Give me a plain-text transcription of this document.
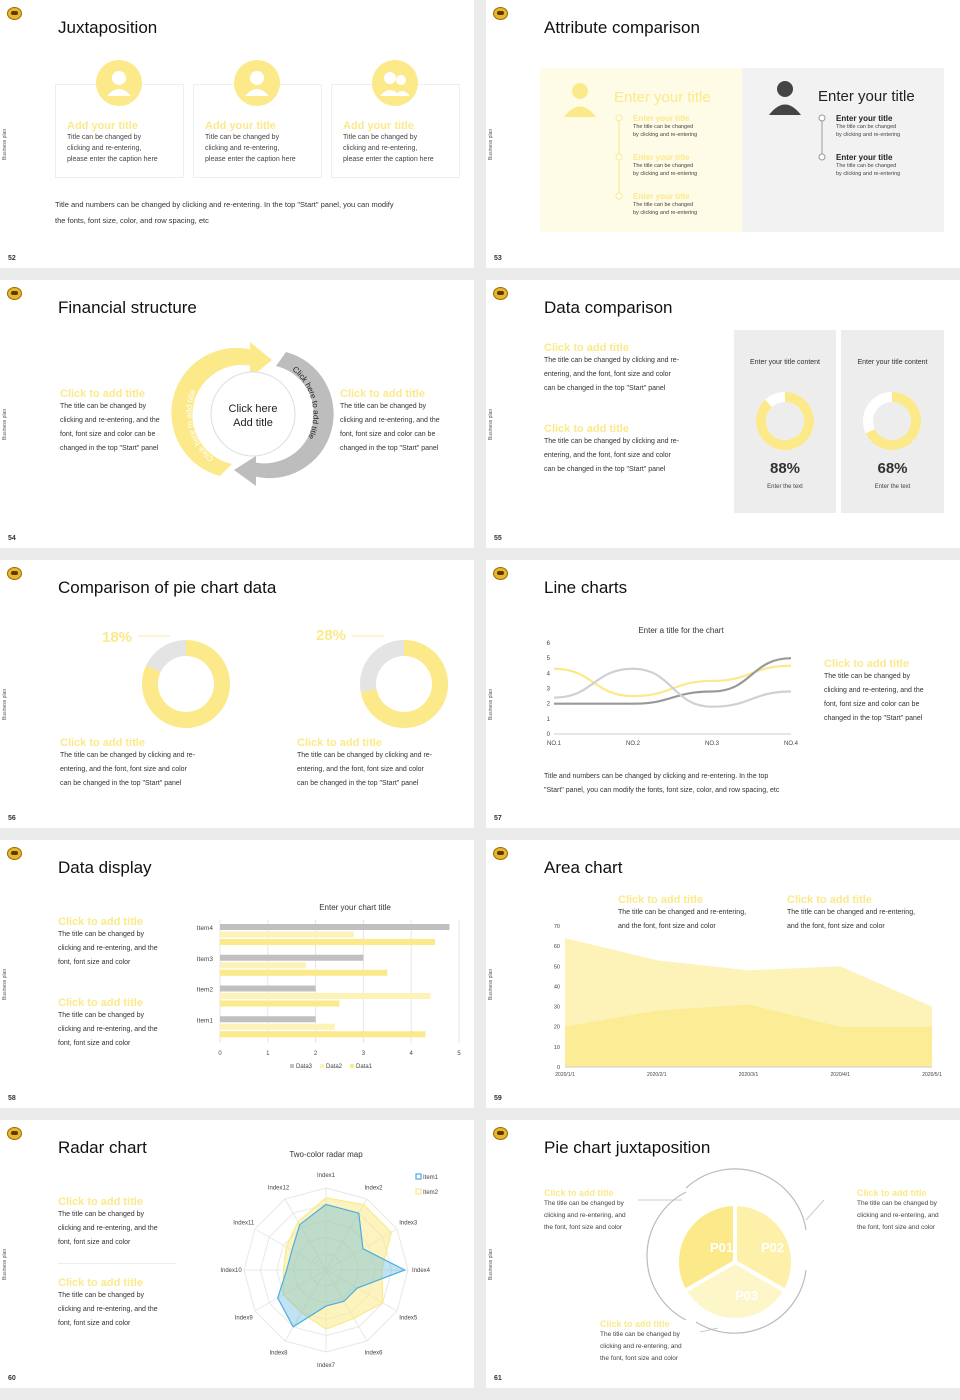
Business plan
Juxtaposition
Add your title
Title can be changed by
clicking and re-entering,
please enter the caption here
Add your title
Title can be changed by
clicking and re-entering,
please enter the caption here
Add your title
Title can be changed by
clicking and re-entering,
please enter the caption here
Title and numbers can be changed by clicking and re-entering. In the top "Start" panel, you can modify
the fonts, font size, color, and row spacing, etc
52
Business plan
Attribute comparison
Enter your title	Enter your title
Enter your title
The title can be changed
by clicking and re-entering
Enter your title
The title can be changed
by clicking and re-entering
Enter your title
The title can be changed
by clicking and re-entering
Enter your title
The title can be changed
by clicking and re-entering
Enter your title
The title can be changed
by clicking and re-entering
53
Business plan
Financial structure
Click here to add title
Click here to add title
Click here
Add title
Click to add title
The title can be changed by
clicking and re-entering, and the
font, font size and color can be
changed in the top "Start" panel
Click to add title
The title can be changed by
clicking and re-entering, and the
font, font size and color can be
changed in the top "Start" panel
54
Business plan
Data comparison
Click to add title
The title can be changed by clicking and re-
entering, and the font, font size and color
can be changed in the top "Start" panel
Click to add title
The title can be changed by clicking and re-
entering, and the font, font size and color
can be changed in the top "Start" panel
Enter your title content
88%
Enter the text
Enter your title content
68%
Enter the text
55
Business plan
Comparison of pie chart data
18%	28%
Click to add title
The title can be changed by clicking and re-
entering, and the font, font size and color
can be changed in the top "Start" panel
Click to add title
The title can be changed by clicking and re-
entering, and the font, font size and color
can be changed in the top "Start" panel
56
Business plan
Line charts
Enter a title for the chart
0
1
2
3
4
5
6
NO.1	NO.2	NO.3	NO.4
Click to add title
The title can be changed by
clicking and re-entering, and the
font, font size and color can be
changed in the top "Start" panel
Title and numbers can be changed by clicking and re-entering. In the top
"Start" panel, you can modify the fonts, font size, color, and row spacing, etc
57
Business plan
Data display
Click to add title
The title can be changed by
clicking and re-entering, and the
font, font size and color
Click to add title
The title can be changed by
clicking and re-entering, and the
font, font size and color
Enter your chart title
0	1	2	3	4	5
Item1
Item2
Item3
Item4
Data3 Data2 Data1
58
Business plan
Area chart
Click to add title
The title can be changed and re-entering,
and the font, font size and color
Click to add title
The title can be changed and re-entering,
and the font, font size and color
0
10
20
30
40
50
60
70
2020/1/1	2020/2/1	2020/3/1	2020/4/1	2020/5/1
59
Business plan
Radar chart
Click to add title
The title can be changed by
clicking and re-entering, and the
font, font size and color
Click to add title
The title can be changed by
clicking and re-entering, and the
font, font size and color
Two-color radar map
Index1
Index2
Index3
Index4
Index5
Index6
Index7
Index8
Index9
Index10
Index11
Index12
Item1
Item2
60
Business plan
Pie chart juxtaposition
P01 P02
P03
Click to add title
The title can be changed by
clicking and re-entering, and
the font, font size and color
Click to add title
The title can be changed by
clicking and re-entering, and
the font, font size and color
Click to add title
The title can be changed by
clicking and re-entering, and
the font, font size and color
61
